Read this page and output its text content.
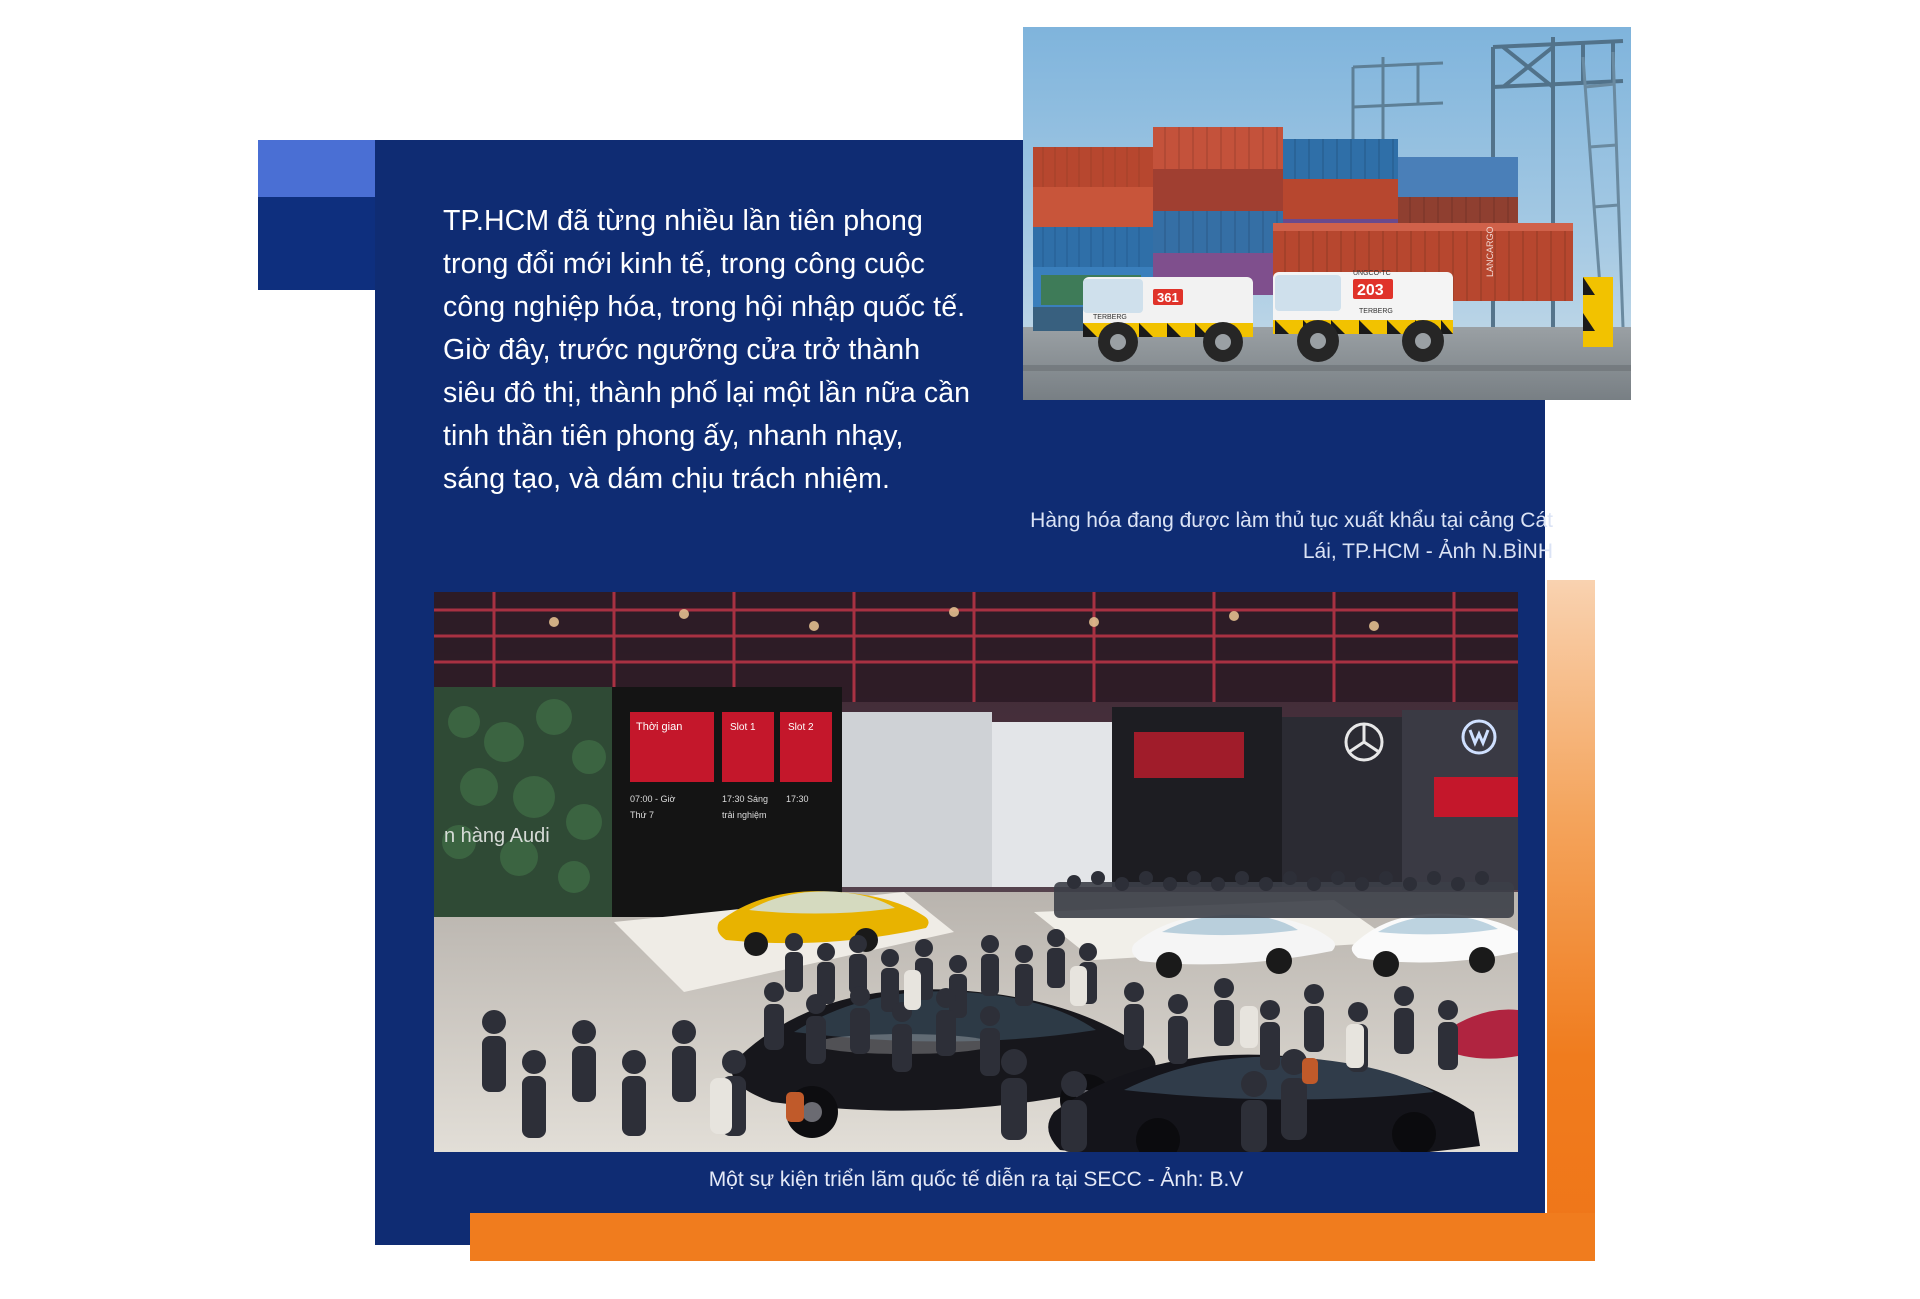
TP.HCM đã từng nhiều lần tiên phong trong đổi mới kinh tế, trong công cuộc công nghiệp hóa, trong hội nhập quốc tế. Giờ đây, trước ngưỡng cửa trở thành siêu đô thị, thành phố lại một lần nữa cần tinh thần tiên phong ấy, nhanh nhạy, sáng tạo, và dám chịu trách nhiệm.
361
TERBERG
LANCARGO
203
UNGCO-TC
TERBERG
Hàng hóa đang được làm thủ tục xuất khẩu tại cảng Cát Lái, TP.HCM - Ảnh N.BÌNH
Thời gian	Slot 1	Slot 2
07:00 - Giờ
Thứ 7
17:30 Sáng
trải nghiệm
17:30
n hàng Audi
Một sự kiện triển lãm quốc tế diễn ra tại SECC - Ảnh: B.V
